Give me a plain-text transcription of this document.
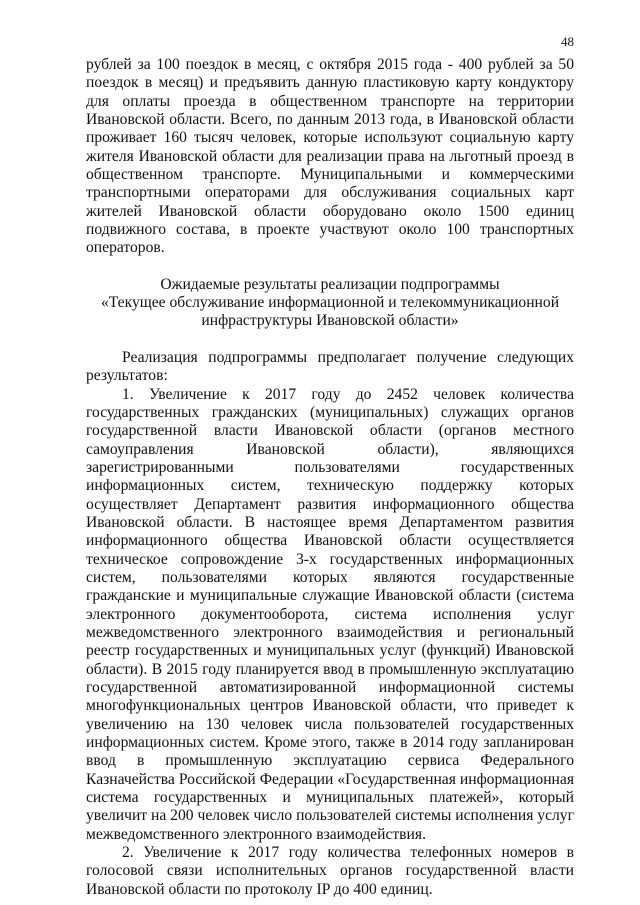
48

рублей за 100 поездок в месяц, с октября 2015 года - 400 рублей за 50 поездок в месяц) и предъявить данную пластиковую карту кондуктору для оплаты проезда в общественном транспорте на территории Ивановской области. Всего, по данным 2013 года, в Ивановской области проживает 160 тысяч человек, которые используют социальную карту жителя Ивановской области для реализации права на льготный проезд в общественном транспорте. Муниципальными и коммерческими транспортными операторами для обслуживания социальных карт жителей Ивановской области оборудовано около 1500 единиц подвижного состава, в проекте участвуют около 100 транспортных операторов.

Ожидаемые результаты реализации подпрограммы

«Текущее обслуживание информационной и телекоммуникационной

инфраструктуры Ивановской области»

Реализация подпрограммы предполагает получение следующих результатов:

1. Увеличение к 2017 году до 2452 человек количества государственных гражданских (муниципальных) служащих органов государственной власти Ивановской области (органов местного самоуправления Ивановской области), являющихся зарегистрированными пользователями государственных информационных систем, техническую поддержку которых осуществляет Департамент развития информационного общества Ивановской области. В настоящее время Департаментом развития информационного общества Ивановской области осуществляется техническое сопровождение 3-х государственных информационных систем, пользователями которых являются государственные гражданские и муниципальные служащие Ивановской области (система электронного документооборота, система исполнения услуг межведомственного электронного взаимодействия и региональный реестр государственных и муниципальных услуг (функций) Ивановской области). В 2015 году планируется ввод в промышленную эксплуатацию государственной автоматизированной информационной системы многофункциональных центров Ивановской области, что приведет к увеличению на 130 человек числа пользователей государственных информационных систем. Кроме этого, также в 2014 году запланирован ввод в промышленную эксплуатацию сервиса Федерального Казначейства Российской Федерации «Государственная информационная система государственных и муниципальных платежей», который увеличит на 200 человек число пользователей системы исполнения услуг межведомственного электронного взаимодействия.

2. Увеличение к 2017 году количества телефонных номеров в голосовой связи исполнительных органов государственной власти Ивановской области по протоколу IP до 400 единиц.
